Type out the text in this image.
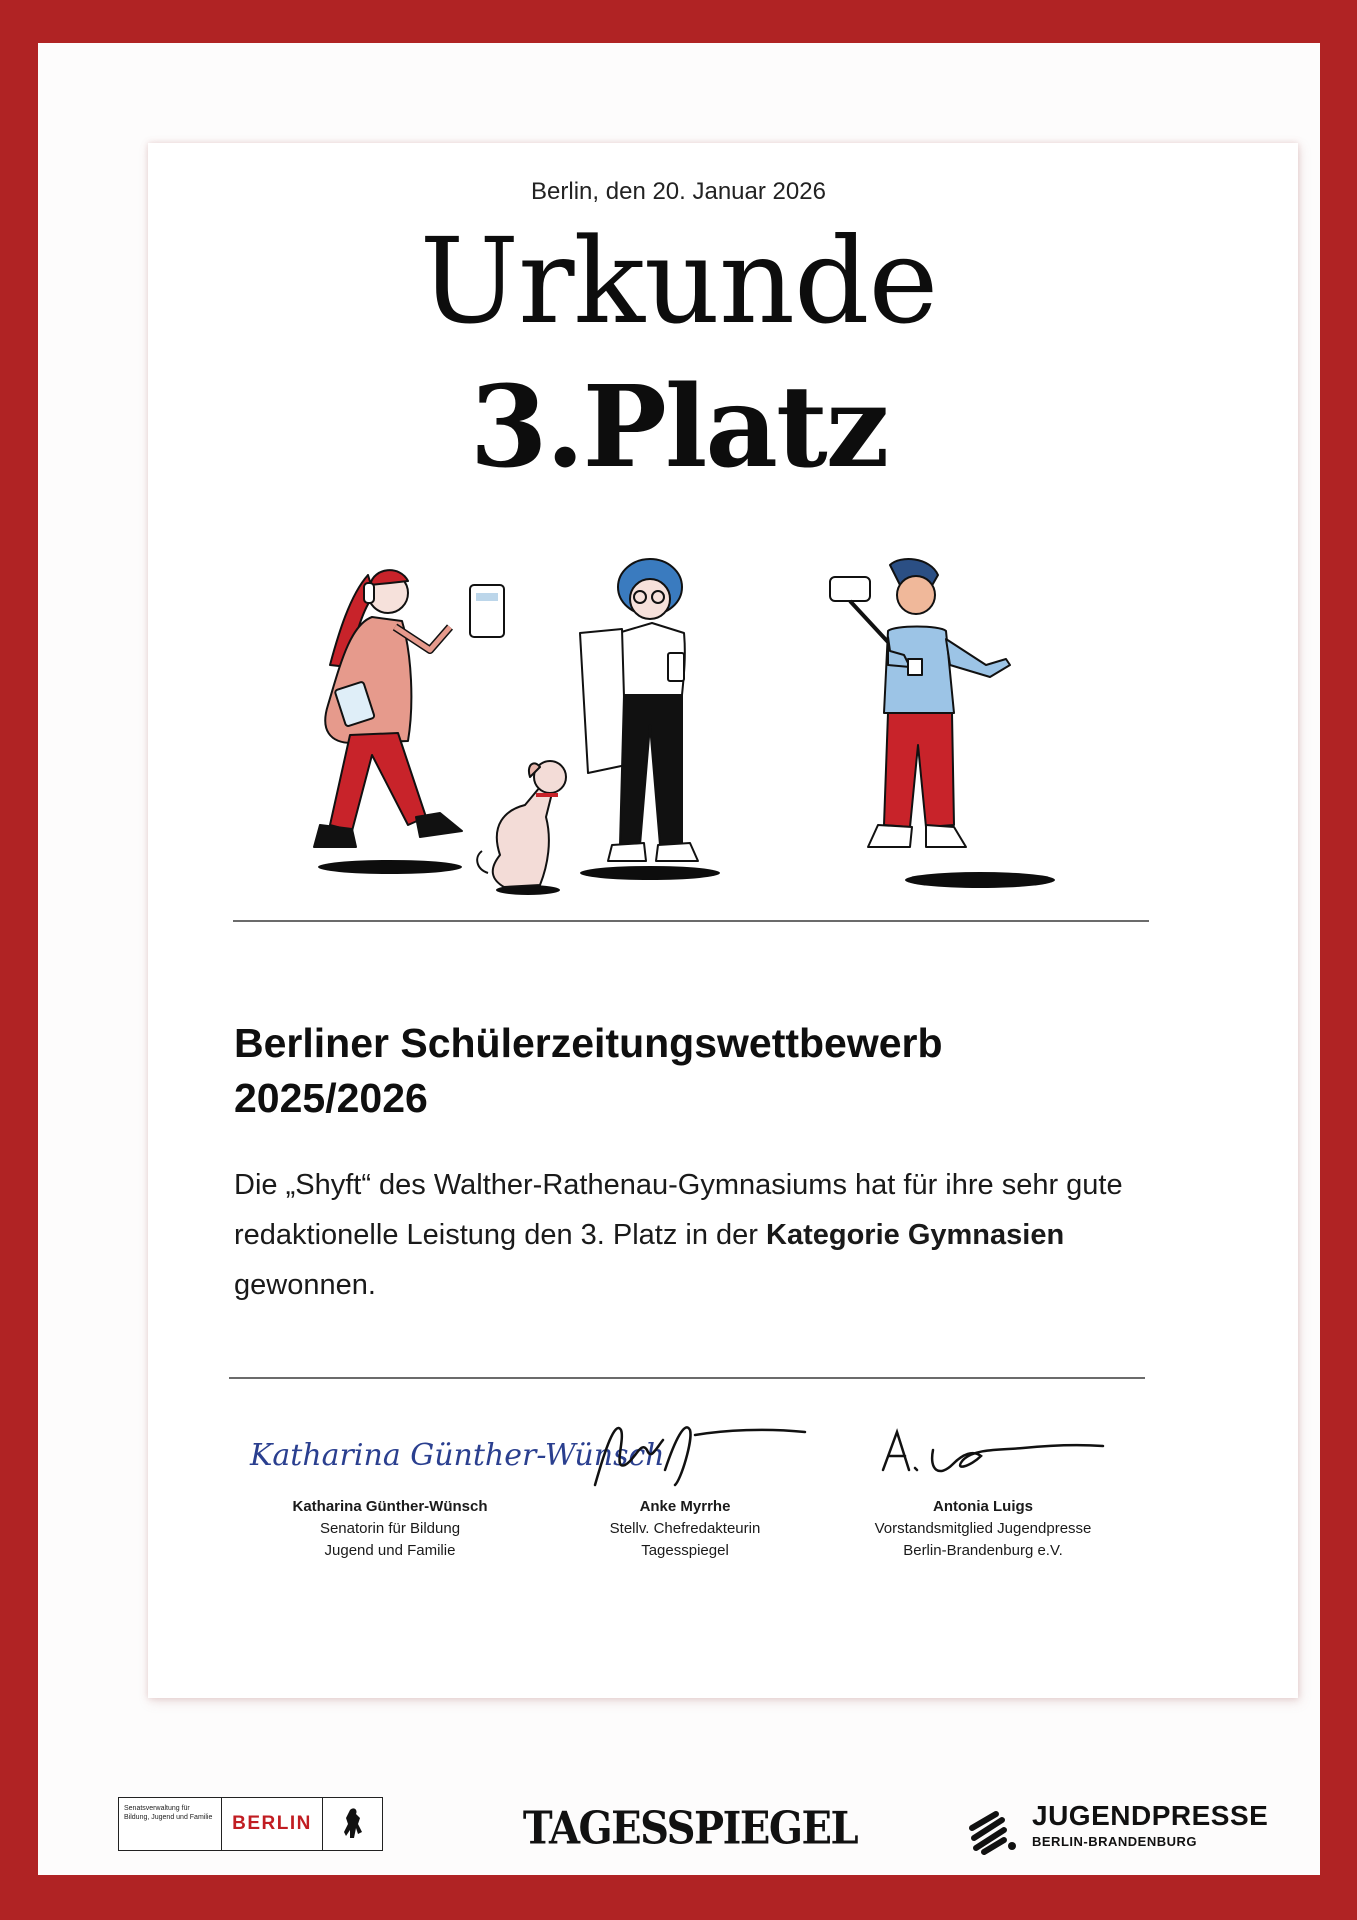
Berlin, den 20. Januar 2026
Urkunde
3.Platz
Berliner Schülerzeitungswettbewerb
2025/2026
Die „Shyft“ des Walther-Rathenau-Gymnasiums hat für ihre sehr gute redaktionelle Leistung den 3. Platz in der Kategorie Gymnasien gewonnen.
Katharina Günther-Wünsch
Katharina Günther-Wünsch
Senatorin für Bildung
Jugend und Familie
Anke Myrrhe
Stellv. Chefredakteurin
Tagesspiegel
Antonia Luigs
Vorstandsmitglied Jugendpresse
Berlin-Brandenburg e.V.
Senatsverwaltung für Bildung, Jugend und Familie	BERLIN	TAGESSPIEGEL	JUGENDPRESSE
BERLIN-BRANDENBURG
